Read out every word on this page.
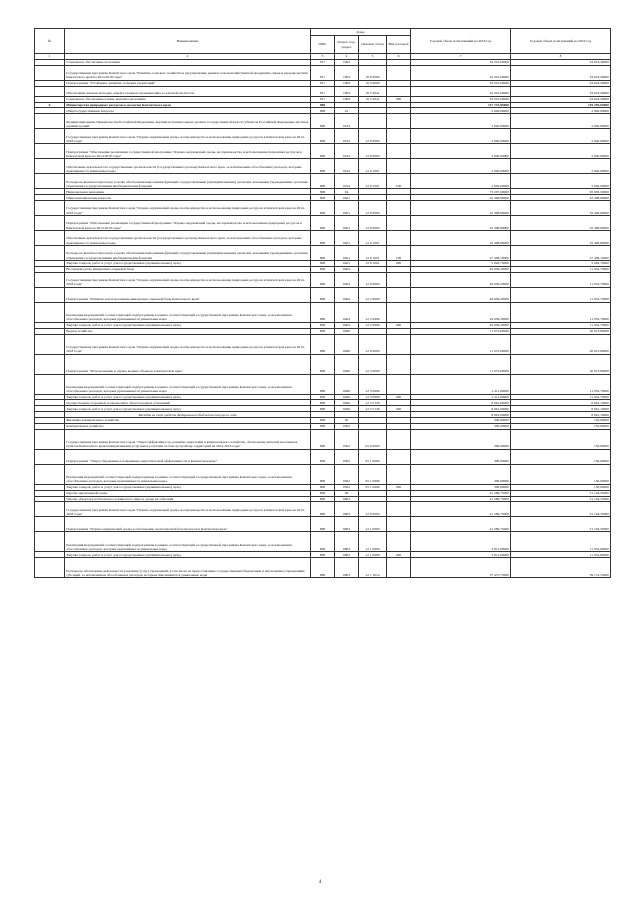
№	Наименование	Коды				Годовой объем ассигнований на 2018 год	Годовой объем ассигнований на 2019 год
		ГРБС	Раздел, под-раздел	Целевая статья	Вид расходов		
1	2	3	4	5	6	7	8
	Социальное обеспечение населения	817	1003			34 201,00000	34 616,40000
	Государственная программа Камчатского края "Развитие сельского хозяйства и регулирование рынков сельскохозяйственной продукции, сырья и продовольствия Камчатского края на 2014-2018 годы"	817	1003	16 0 0000		34 201,00000	34 616,40000
	Подпрограмма "Устойчивое развитие сельских территорий"	817	1003	16 5 0000		34 201,00000	34 616,40000
	Обеспечение жильем молодых семей и граждан, проживающих в сельской местности	817	1003	16 5 2041		34 201,00000	34 616,40000
	Социальное обеспечение и иные выплаты населению	817	1003	16 5 2041	300	34 201,00000	34 616,40000
6	Министерство природных ресурсов и экологии Камчатского края	808				117 733,85000	119 259,65000
	Общегосударственные вопросы	808	01			2 940,00000	2 940,00000
	Функционирование Правительства Российской Федерации, высших исполнительных органов государственной власти субъектов Российской Федерации, местных администраций	808	0104			2 940,00000	2 940,00000
	Государственная программа Камчатского края "Охрана окружающей среды, воспроизводство и использование природных ресурсов в Камчатском крае на 2014-2018 годы"	808	0104	12 0 0000		2 940,00000	2 940,00000
	Подпрограмма "Обеспечение реализации государственной программы "Охрана окружающей среды, воспроизводство и использование природных ресурсов в Камчатском крае на 2014-2018 годы"	808	0104	12 8 0000		2 940,00000	2 940,00000
	Обеспечение деятельности государственных органов власти (государственных органов) Камчатского края, за исключением обособленных расходов, которым присваиваются уникальные коды	808	0104	12 8 1001		2 940,00000	2 940,00000
	Расходы на выплаты персоналу в целях обеспечения выполнения функций государственными (муниципальными) органами, казенными учреждениями, органами управления государственными внебюджетными фондами	808	0104	12 8 1001	100	2 940,00000	2 940,00000
	Национальная экономика	808	04			73 207,00000	65 065,30000
	Общеэкономические вопросы	808	0401			32 498,80000	32 498,80000
	Государственная программа Камчатского края "Охрана окружающей среды, воспроизводство и использование природных ресурсов в Камчатском крае на 2014-2018 годы"	808	0401	12 0 0000		32 498,80000	32 498,80000
	Подпрограмма "Обеспечение реализации государственной программы "Охрана окружающей среды, воспроизводство и использование природных ресурсов в Камчатском крае на 2014-2018 годы"	808	0401	12 8 0000		32 498,80000	32 498,80000
	Обеспечение деятельности государственных органов власти (государственных органов) Камчатского края, за исключением обособленных расходов, которым присваиваются уникальные коды	808	0401	12 8 1001		32 498,80000	32 498,80000
	Расходы на выплаты персоналу в целях обеспечения выполнения функций государственными (муниципальными) органами, казенными учреждениями, органами управления государственными внебюджетными фондами	808	0401	12 8 1001	100	27 406,10000	27 406,10000
	Закупка товаров, работ и услуг для государственных (муниципальных) нужд	808	0401	12 8 1001	200	5 092,70000	5 092,70000
	Воспроизводство минерально-сырьевой базы	808	0404			29 636,20000	11 952,70000
	Государственная программа Камчатского края "Охрана окружающей среды, воспроизводство и использование природных ресурсов в Камчатском крае на 2014-2018 годы"	808	0404	12 0 0000		29 636,20000	11 952,70000
	Подпрограмма "Развитие и использование минерально-сырьевой базы Камчатского края"	808	0404	12 2 0000		29 636,20000	11 952,70000
	Реализация мероприятий соответствующей подпрограммы в рамках соответствующей государственной программы Камчатского края, за исключением обособленных расходов, которым присваиваются уникальные коды	808	0404	12 2 0999		29 636,20000	11 952,70000
	Закупка товаров, работ и услуг для государственных (муниципальных) нужд	808	0404	12 2 0999	200	29 636,20000	11 952,70000
	Водное хозяйство	808	0406			11 072,00000	20 613,80000
	Государственная программа Камчатского края "Охрана окружающей среды, воспроизводство и использование природных ресурсов в Камчатском крае на 2014-2018 годы"	808	0406	12 0 0000		11 072,00000	20 613,80000
	Подпрограмма "Использование и охрана водных объектов в Камчатском крае"	808	0406	12 3 0000		11 072,00000	20 613,80000
	Реализация мероприятий соответствующей подпрограммы в рамках соответствующей государственной программы Камчатского края, за исключением обособленных расходов, которым присваиваются уникальные коды	808	0406	12 3 0999		2 411,00000	11 952,70000
	Закупка товаров, работ и услуг для государственных (муниципальных) нужд	808	0406	12 3 0999	200	2 411,00000	11 952,70000
	Осуществление отдельных полномочий в области водных отношений	808	0406	12 3 5128		8 661,00000	8 661,10000
	Закупка товаров, работ и услуг для государственных (муниципальных) нужд	808	0406	12 3 5128	200	8 661,00000	8 661,10000
	Расходы за счет средств федерального бюджета текущего года					8 661,00000	8 661,10000
	Жилищно-коммунальное хозяйство	808	05			300,00000	150,00000
	Коммунальное хозяйство	808	0502			300,00000	150,00000
	Государственная программа Камчатского края "Энергоэффективность, развитие энергетики и коммунального хозяйства, обеспечение жителей населенных пунктов Камчатского края коммунальными услугами и услугами по благоустройству территорий на 2014-2018 годы"	808	0502	05 0 0000		300,00000	150,00000
	Подпрограмма "Энергосбережение и повышение энергетической эффективности в Камчатском крае"	808	0502	05 1 0000		300,00000	150,00000
	Реализация мероприятий соответствующей подпрограммы в рамках соответствующей государственной программы Камчатского края, за исключением обособленных расходов, которым присваиваются уникальные коды	808	0502	05 1 0999		300,00000	150,00000
	Закупка товаров, работ и услуг для государственных (муниципальных) нужд	808	0502	05 1 0999	200	300,00000	150,00000
	Охрана окружающей среды	808	06			41 286,75000	51 104,35000
	Охрана объектов растительного и животного мира и среды их обитания	808	0603			41 286,75000	51 104,35000
	Государственная программа Камчатского края "Охрана окружающей среды, воспроизводство и использование природных ресурсов в Камчатском крае на 2014-2018 годы"	808	0603	12 0 0000		41 286,75000	51 104,35000
	Подпрограмма "Охрана окружающей среды и обеспечение экологической безопасности в Камчатском крае"	808	0603	12 1 0000		41 286,75000	51 104,35000
	Реализация мероприятий соответствующей подпрограммы в рамках соответствующей государственной программы Камчатского края, за исключением обособленных расходов, которым присваиваются уникальные коды	808	0603	12 1 0999		3 811,00000	11 952,80000
	Закупка товаров, работ и услуг для государственных (муниципальных) нужд	808	0603	12 1 0999	200	3 811,00000	11 952,80000
	Расходы на обеспечение деятельности (оказание услуг) учреждений, в том числе на предоставление государственным бюджетным и автономным учреждениям субсидий, за исключением обособленных расходов, которым присваиваются уникальные коды	808	0603	12 1 1014		37 475,75000	39 151,55000
4
